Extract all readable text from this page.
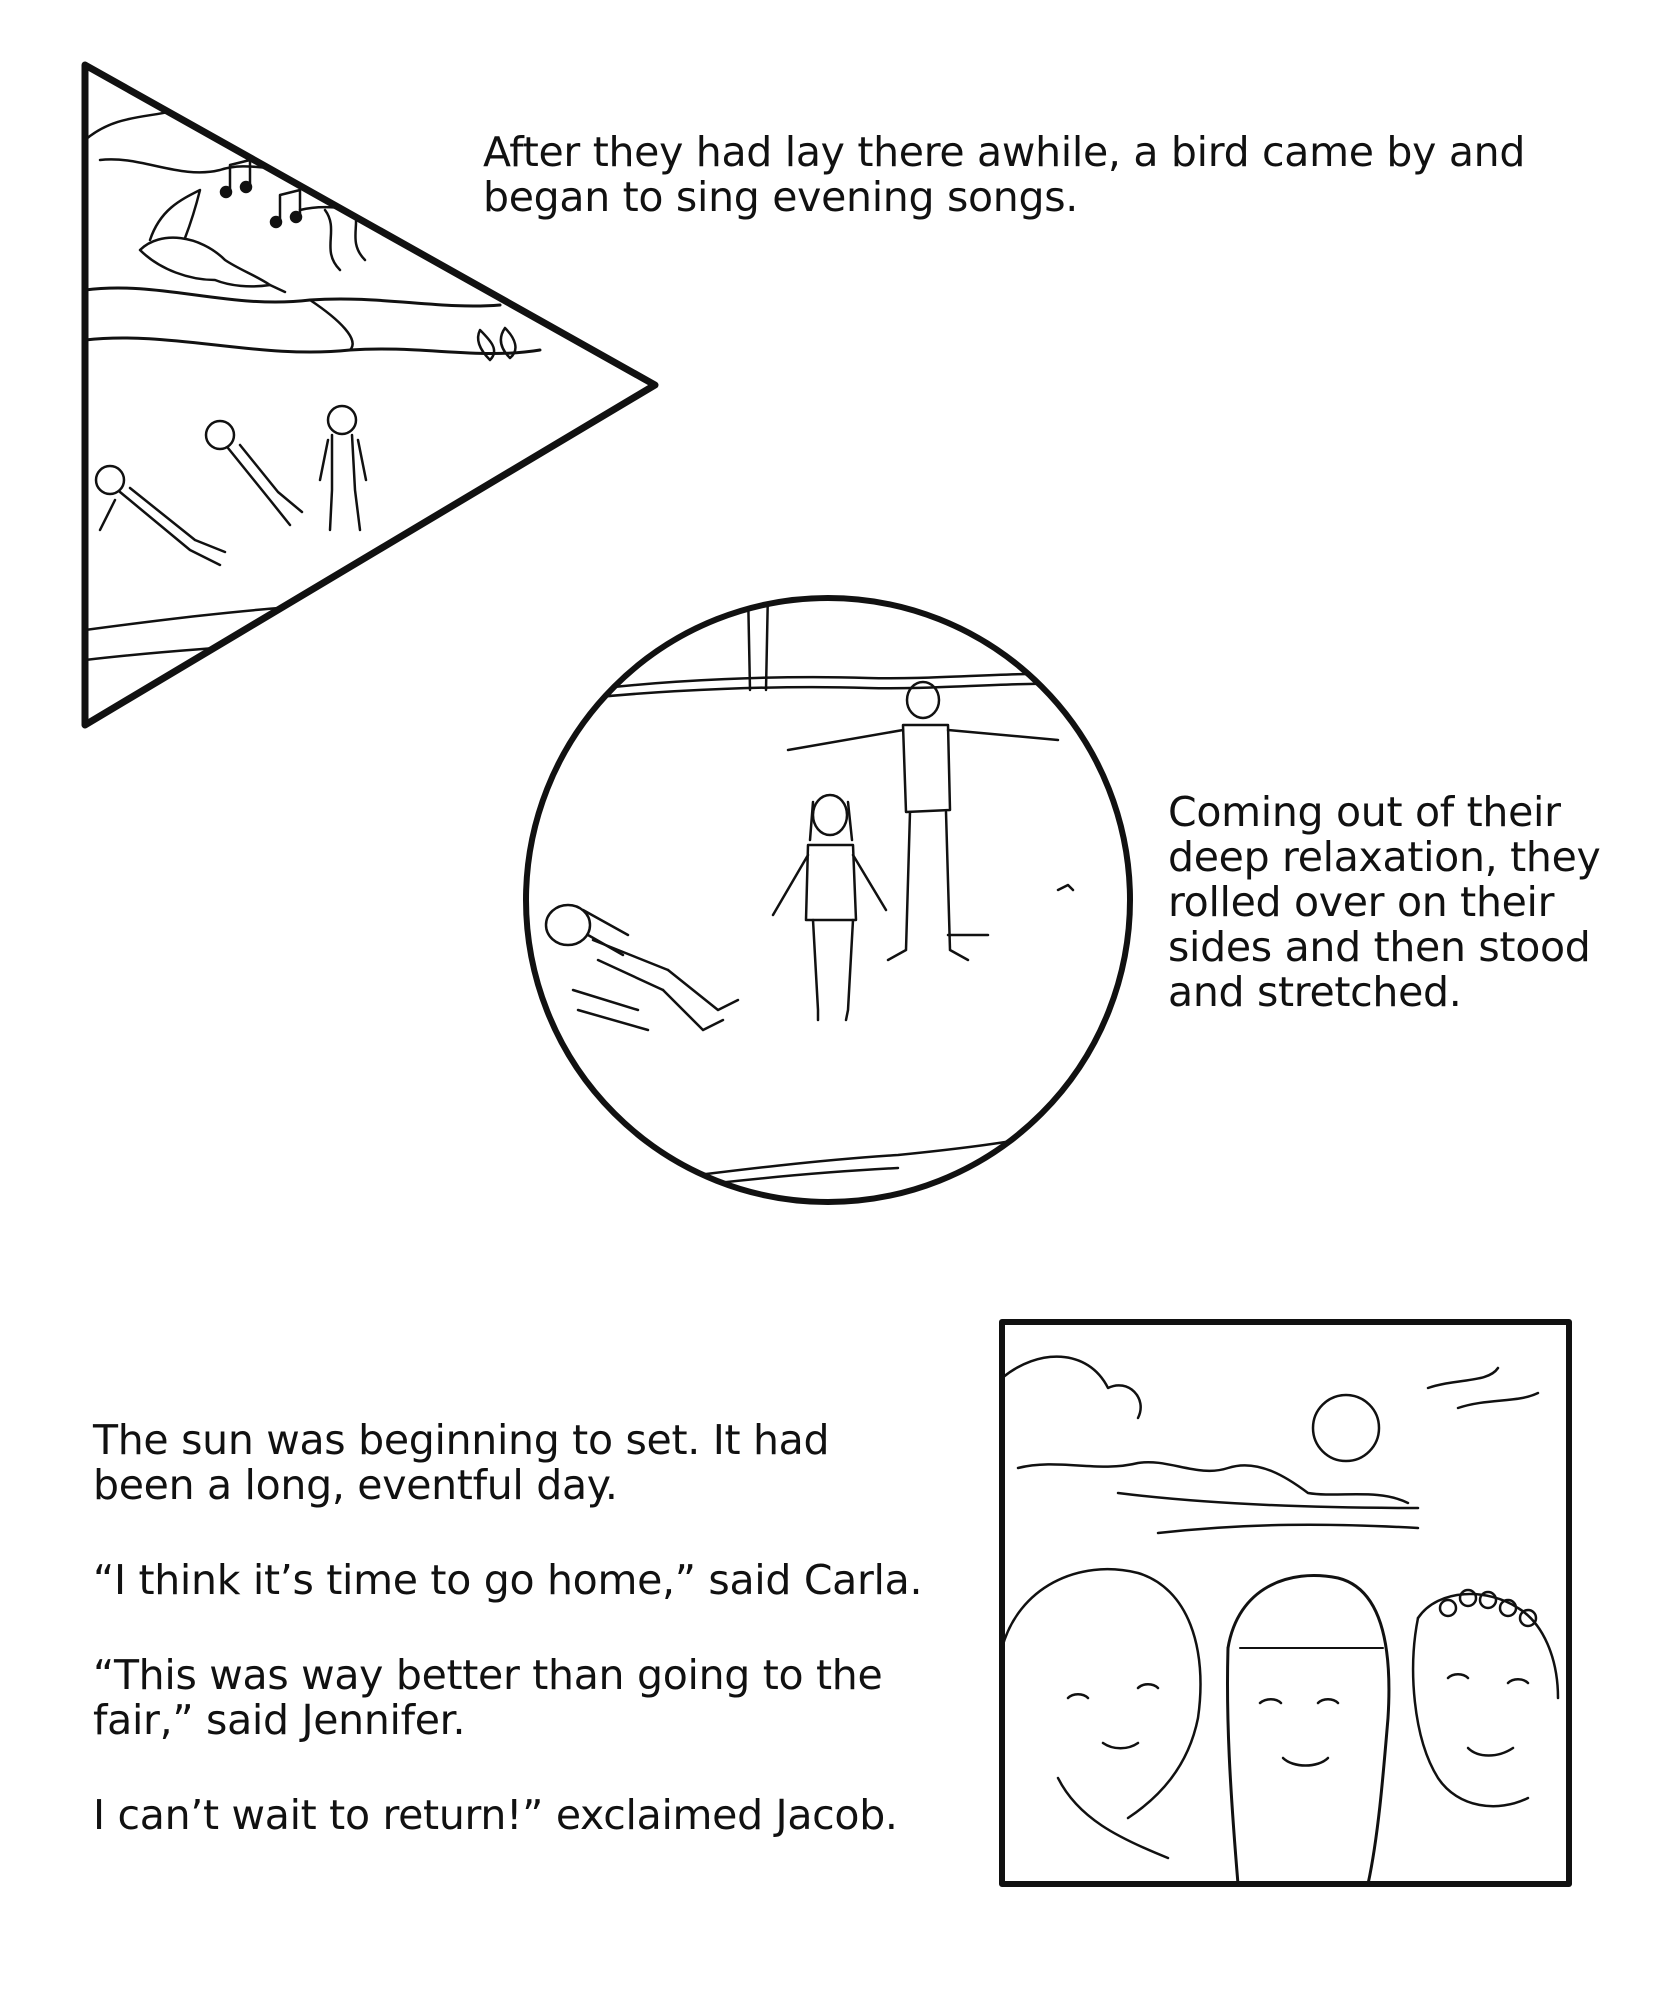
After they had lay there awhile, a bird came by and

began to sing evening songs.

Coming out of their

deep relaxation, they

rolled over on their

sides and then stood

and stretched.

The sun was beginning to set. It had
been a long, eventful day.

“I think it’s time to go home,” said Carla.

“This was way better than going to the
fair,” said Jennifer.

I can’t wait to return!” exclaimed Jacob.
